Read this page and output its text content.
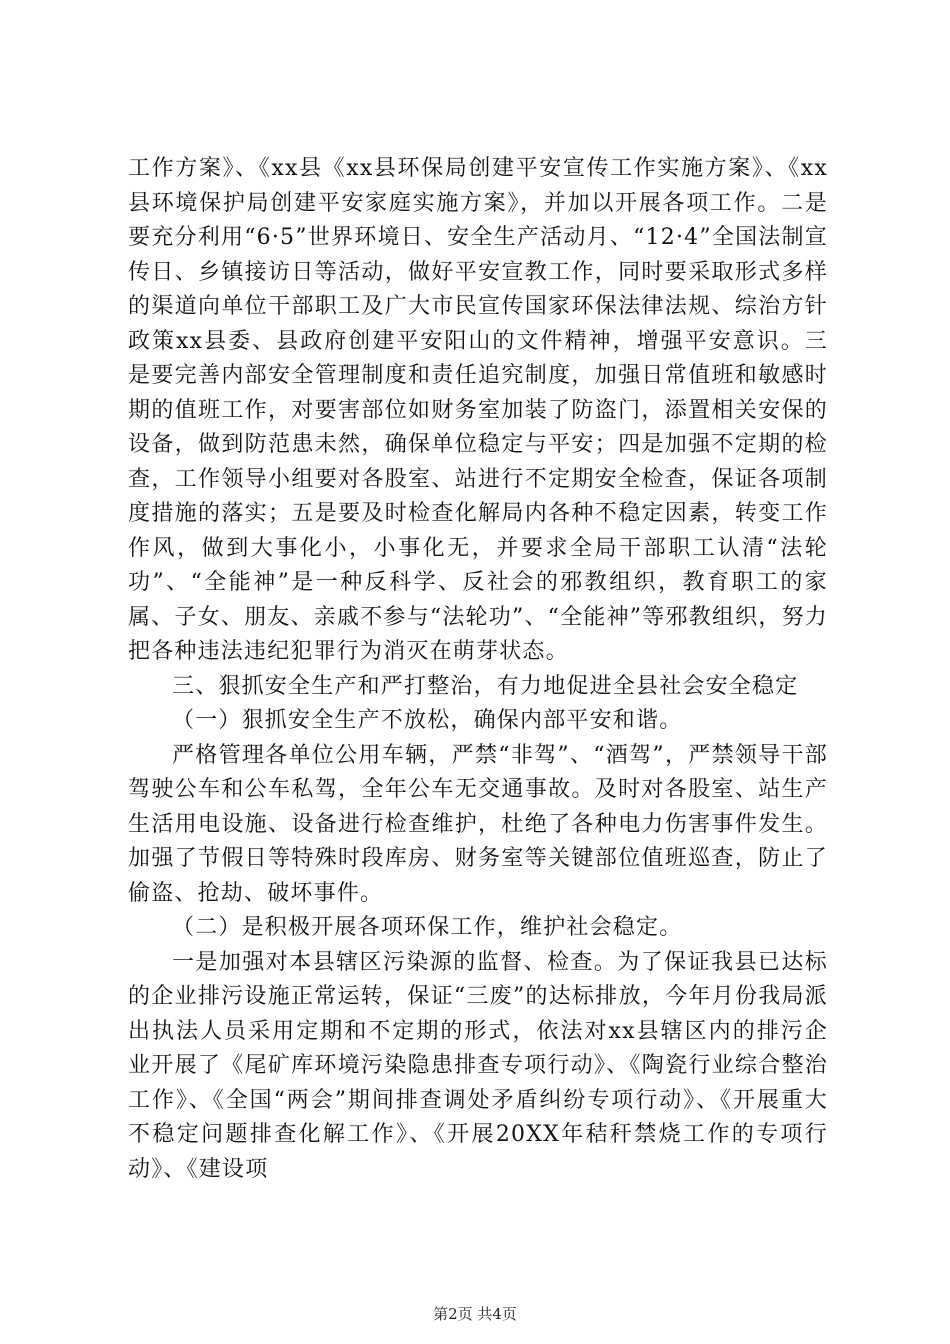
工作方案》、《xx县《xx县环保局创建平安宣传工作实施方案》、《xx县环境保护局创建平安家庭实施方案》，并加以开展各项工作。二是要充分利用“6·5”世界环境日、安全生产活动月、“12·4”全国法制宣传日、乡镇接访日等活动，做好平安宣教工作，同时要采取形式多样的渠道向单位干部职工及广大市民宣传国家环保法律法规、综治方针政策xx县委、县政府创建平安阳山的文件精神，增强平安意识。三是要完善内部安全管理制度和责任追究制度，加强日常值班和敏感时期的值班工作，对要害部位如财务室加装了防盗门，添置相关安保的设备，做到防范患未然，确保单位稳定与平安；四是加强不定期的检查，工作领导小组要对各股室、站进行不定期安全检查，保证各项制度措施的落实；五是要及时检查化解局内各种不稳定因素，转变工作作风，做到大事化小，小事化无，并要求全局干部职工认清“法轮功”、“全能神”是一种反科学、反社会的邪教组织，教育职工的家属、子女、朋友、亲戚不参与“法轮功”、“全能神”等邪教组织，努力把各种违法违纪犯罪行为消灭在萌芽状态。

三、狠抓安全生产和严打整治，有力地促进全县社会安全稳定

（一）狠抓安全生产不放松，确保内部平安和谐。

严格管理各单位公用车辆，严禁“非驾”、“酒驾”，严禁领导干部驾驶公车和公车私驾，全年公车无交通事故。及时对各股室、站生产生活用电设施、设备进行检查维护，杜绝了各种电力伤害事件发生。加强了节假日等特殊时段库房、财务室等关键部位值班巡查，防止了偷盗、抢劫、破坏事件。

（二）是积极开展各项环保工作，维护社会稳定。

一是加强对本县辖区污染源的监督、检查。为了保证我县已达标的企业排污设施正常运转，保证“三废”的达标排放，今年月份我局派出执法人员采用定期和不定期的形式，依法对xx县辖区内的排污企业开展了《尾矿库环境污染隐患排查专项行动》、《陶瓷行业综合整治工作》、《全国“两会”期间排查调处矛盾纠纷专项行动》、《开展重大不稳定问题排查化解工作》、《开展20XX年秸秆禁烧工作的专项行动》、《建设项

第2页 共4页
